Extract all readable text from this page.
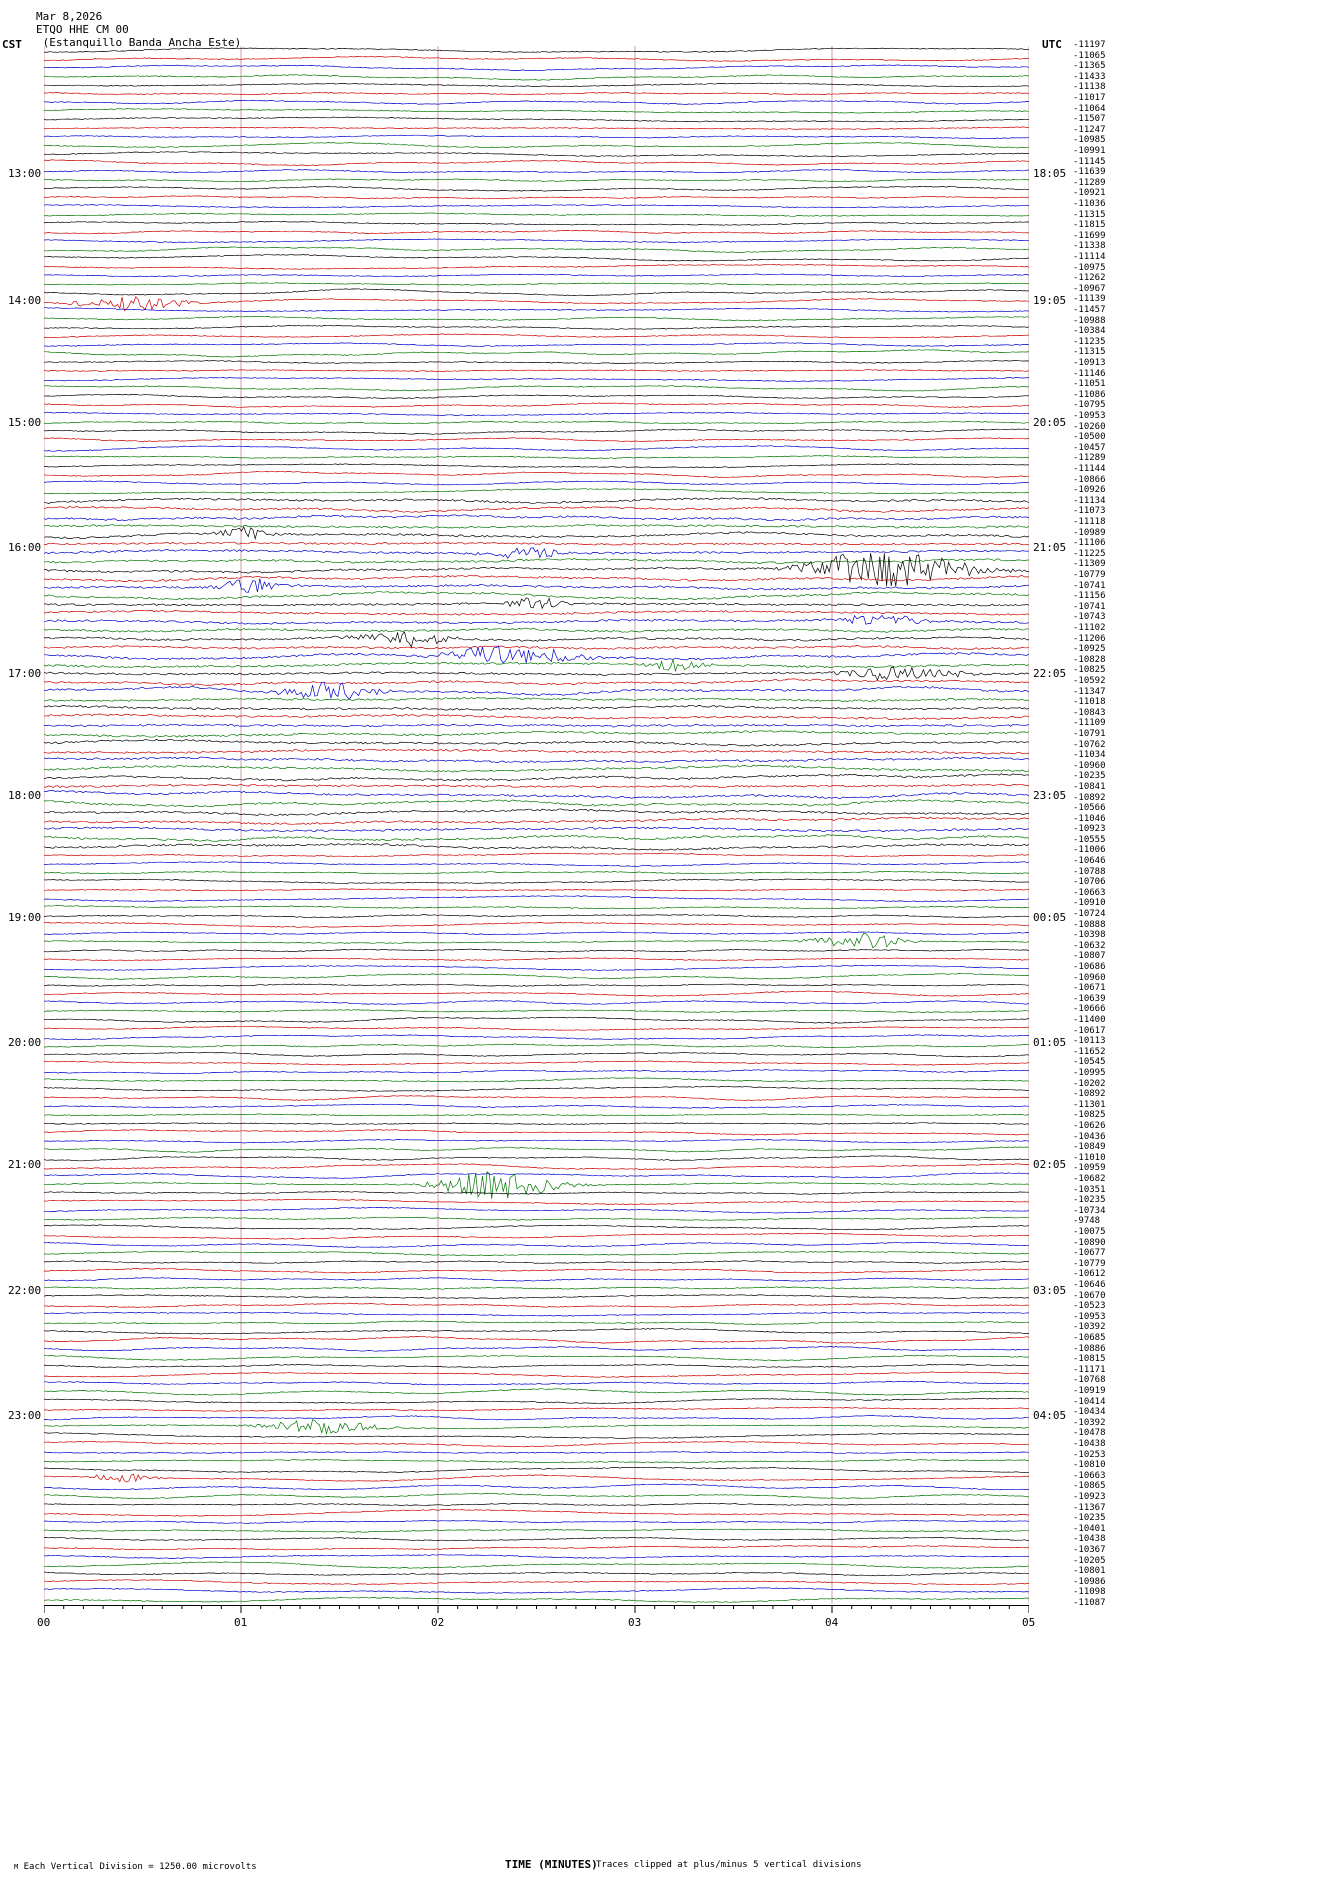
Mar 8,2026
ETQO HHE CM 00
(Estanquillo Banda Ancha Este)
CST	UTC
13:00
14:00
15:00
16:00
17:00
18:00
19:00
20:00
21:00
22:00
23:00
18:05
19:05
20:05
21:05
22:05
23:05
00:05
01:05
02:05
03:05
04:05
-11197
-11065
-11365
-11433
-11138
-11017
-11064
-11507
-11247
-10985
-10991
-11145
-11639
-11289
-10921
-11036
-11315
-11815
-11699
-11338
-11114
-10975
-11262
-10967
-11139
-11457
-10988
-10384
-11235
-11315
-10913
-11146
-11051
-11086
-10795
-10953
-10260
-10500
-10457
-11289
-11144
-10866
-10926
-11134
-11073
-11118
-10989
-11106
-11225
-11309
-10779
-10741
-11156
-10741
-10743
-11102
-11206
-10925
-10828
-10825
-10592
-11347
-11018
-10843
-11109
-10791
-10762
-11034
-10960
-10235
-10841
-10892
-10566
-11046
-10923
-10555
-11006
-10646
-10788
-10706
-10663
-10910
-10724
-10888
-10398
-10632
-10807
-10686
-10960
-10671
-10639
-10666
-11400
-10617
-10113
-11652
-10545
-10995
-10202
-10892
-11301
-10825
-10626
-10436
-10849
-11010
-10959
-10682
-10351
-10235
-10734
-9748
-10075
-10890
-10677
-10779
-10612
-10646
-10670
-10523
-10953
-10392
-10685
-10886
-10815
-11171
-10768
-10919
-10414
-10434
-10392
-10478
-10438
-10253
-10810
-10663
-10865
-10923
-11367
-10235
-10401
-10438
-10367
-10205
-10801
-10986
-11098
-11087
00	01	02	03	04	05
M Each Vertical Division = 1250.00 microvolts	TIME (MINUTES)
Traces clipped at plus/minus 5 vertical divisions
